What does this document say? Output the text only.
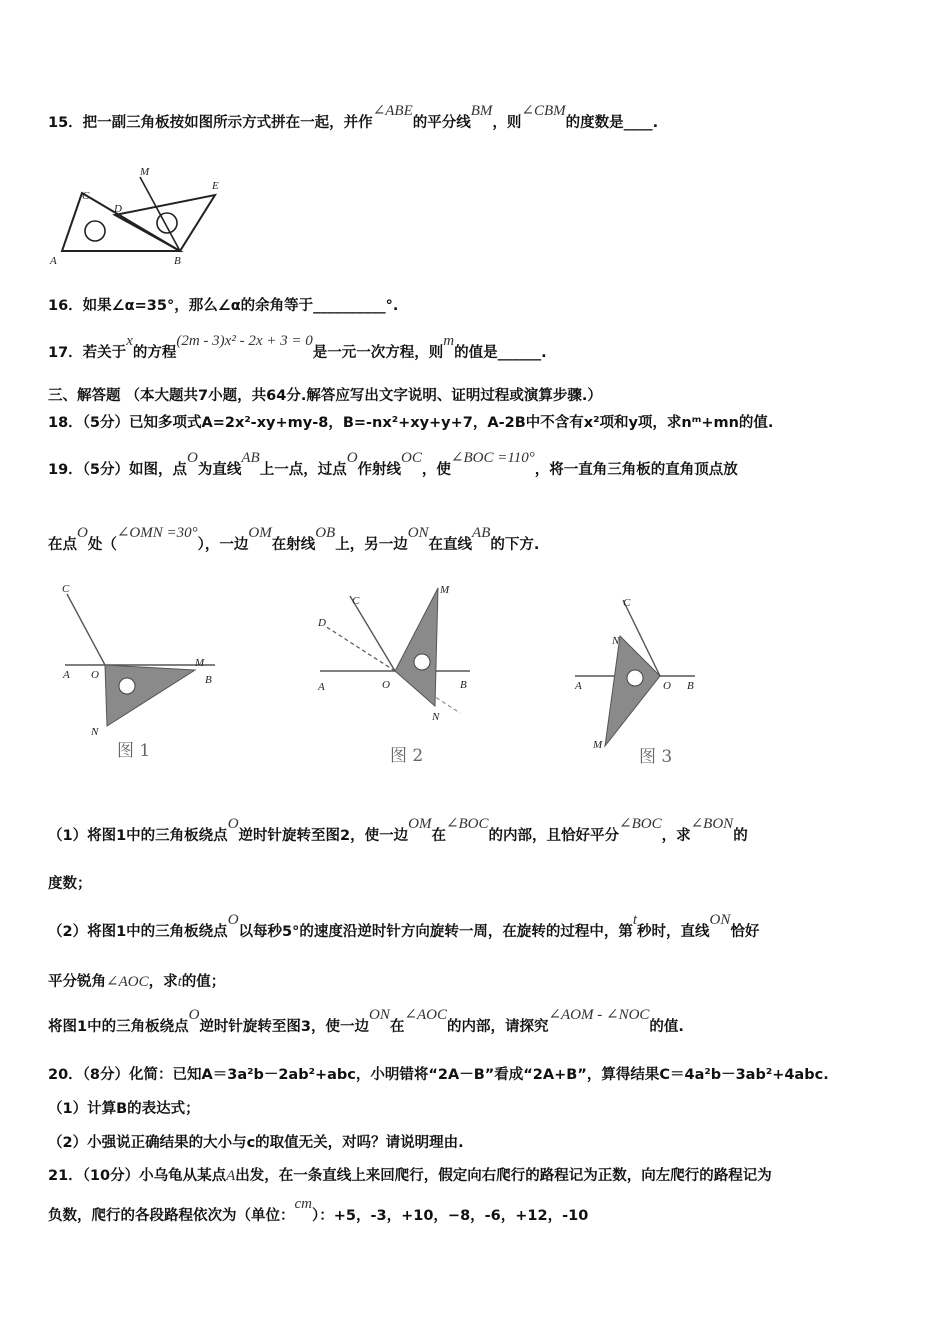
15．把一副三角板按如图所示方式拼在一起，并作∠ABE的平分线BM，则∠CBM的度数是____.
C
M
E
D
A	B
16．如果∠α=35°，那么∠α的余角等于__________°.
17．若关于x的方程(2m - 3)x² - 2x + 3 = 0是一元一次方程，则m的值是______.
三、解答题 （本大题共7小题，共64分.解答应写出文字说明、证明过程或演算步骤.）
18．（5分）已知多项式A=2x²-xy+my-8，B=-nx²+xy+y+7，A-2B中不含有x²项和y项，求nᵐ+mn的值.
19．（5分）如图，点O为直线AB上一点，过点O作射线OC，使∠BOC =110°，将一直角三角板的直角顶点放
在点O处（∠OMN =30°），一边OM在射线OB上，另一边ON在直线AB的下方.
C
A O
M
B
N
图 1
C
M
D
A	O	B
N
图 2
C
N
A	O B
M
图 3
（1）将图1中的三角板绕点O逆时针旋转至图2，使一边OM在∠BOC的内部，且恰好平分∠BOC，求∠BON的
度数；
（2）将图1中的三角板绕点O以每秒5°的速度沿逆时针方向旋转一周，在旋转的过程中，第t秒时，直线ON恰好
平分锐角∠AOC，求t的值；
将图1中的三角板绕点O逆时针旋转至图3，使一边ON在∠AOC的内部，请探究∠AOM - ∠NOC的值.
20．（8分）化简：已知A＝3a²b－2ab²+abc，小明错将“2A－B”看成“2A+B”，算得结果C＝4a²b－3ab²+4abc.
（1）计算B的表达式；
（2）小强说正确结果的大小与c的取值无关，对吗？请说明理由.
21．（10分）小乌龟从某点A出发，在一条直线上来回爬行，假定向右爬行的路程记为正数，向左爬行的路程记为
负数，爬行的各段路程依次为（单位：cm）：+5，-3，+10，−8，-6，+12，-10
